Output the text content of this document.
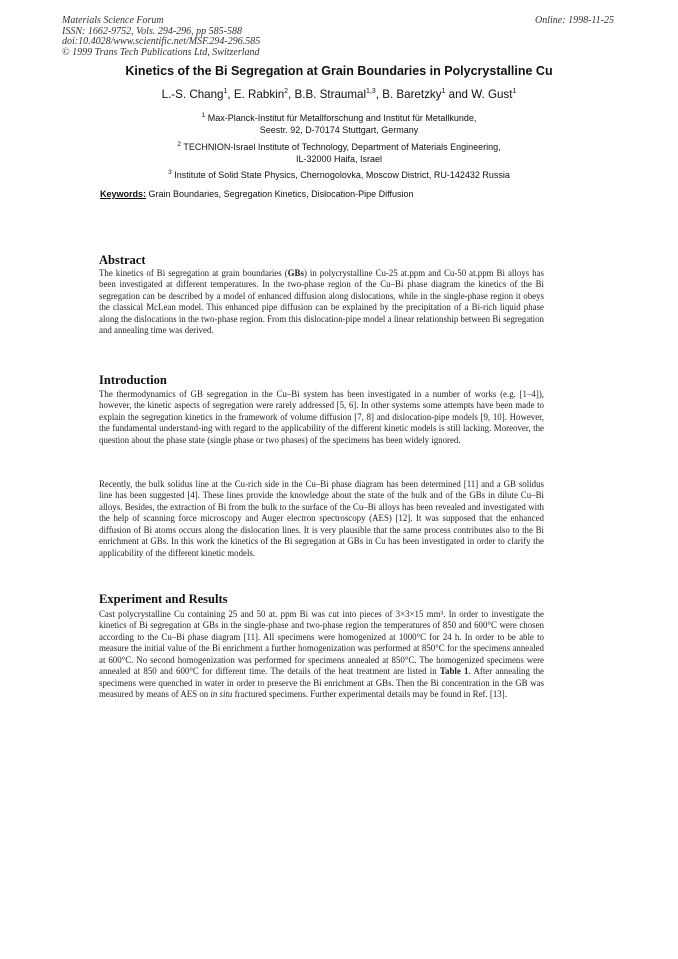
Materials Science Forum
ISSN: 1662-9752, Vols. 294-296, pp 585-588
doi:10.4028/www.scientific.net/MSF.294-296.585
© 1999 Trans Tech Publications Ltd, Switzerland
Online: 1998-11-25
Kinetics of the Bi Segregation at Grain Boundaries in Polycrystalline Cu
L.-S. Chang$^1$, E. Rabkin$^2$, B.B. Straumal$^{1,3}$, B. Baretzky$^1$ and W. Gust$^1$
$^1$ Max-Planck-Institut für Metallforschung and Institut für Metallkunde,
Seestr. 92, D-70174 Stuttgart, Germany
$^2$ TECHNION-Israel Institute of Technology, Department of Materials Engineering,
IL-32000 Haifa, Israel
$^3$ Institute of Solid State Physics, Chernogolovka, Moscow District, RU-142432 Russia
Keywords: Grain Boundaries, Segregation Kinetics, Dislocation-Pipe Diffusion
Abstract
The kinetics of Bi segregation at grain boundaries (GBs) in polycrystalline Cu-25 at.ppm and Cu-50 at.ppm Bi alloys has been investigated at different temperatures. In the two-phase region of the Cu–Bi phase diagram the kinetics of the Bi segregation can be described by a model of enhanced diffusion along dislocations, while in the single-phase region it obeys the classical McLean model. This enhanced pipe diffusion can be explained by the precipitation of a Bi-rich liquid phase along the dislocations in the two-phase region. From this dislocation-pipe model a linear relationship between Bi segregation and annealing time was derived.
Introduction
The thermodynamics of GB segregation in the Cu–Bi system has been investigated in a number of works (e.g. [1–4]), however, the kinetic aspects of segregation were rarely addressed [5, 6]. In other systems some attempts have been made to explain the segregation kinetics in the framework of volume diffusion [7, 8] and dislocation-pipe models [9, 10]. However, the fundamental understand-ing with regard to the applicability of the different kinetic models is still lacking. Moreover, the question about the phase state (single phase or two phases) of the specimens has been widely ignored.
Recently, the bulk solidus line at the Cu-rich side in the Cu–Bi phase diagram has been determined [11] and a GB solidus line has been suggested [4]. These lines provide the knowledge about the state of the bulk and of the GBs in dilute Cu–Bi alloys. Besides, the extraction of Bi from the bulk to the surface of the Cu–Bi alloys has been revealed and investigated with the help of scanning force microscopy and Auger electron spectroscopy (AES) [12]. It was supposed that the enhanced diffusion of Bi atoms occurs along the dislocation lines. It is very plausible that the same process contributes also to the Bi enrichment at GBs. In this work the kinetics of the Bi segregation at GBs in Cu has been investigated in order to clarify the applicability of the different kinetic models.
Experiment and Results
Cast polycrystalline Cu containing 25 and 50 at. ppm Bi was cut into pieces of 3×3×15 mm³. In order to investigate the kinetics of Bi segregation at GBs in the single-phase and two-phase region the temperatures of 850 and 600°C were chosen according to the Cu–Bi phase diagram [11]. All specimens were homogenized at 1000°C for 24 h. In order to be able to measure the initial value of the Bi enrichment a further homogenization was performed at 850°C for the specimens annealed at 600°C. No second homogenization was performed for specimens annealed at 850°C. The homogenized specimens were annealed at 850 and 600°C for different time. The details of the heat treatment are listed in Table 1. After annealing the specimens were quenched in water in order to preserve the Bi enrichment at GBs. Then the Bi concentration in the GB was measured by means of AES on in situ fractured specimens. Further experimental details may be found in Ref. [13].
